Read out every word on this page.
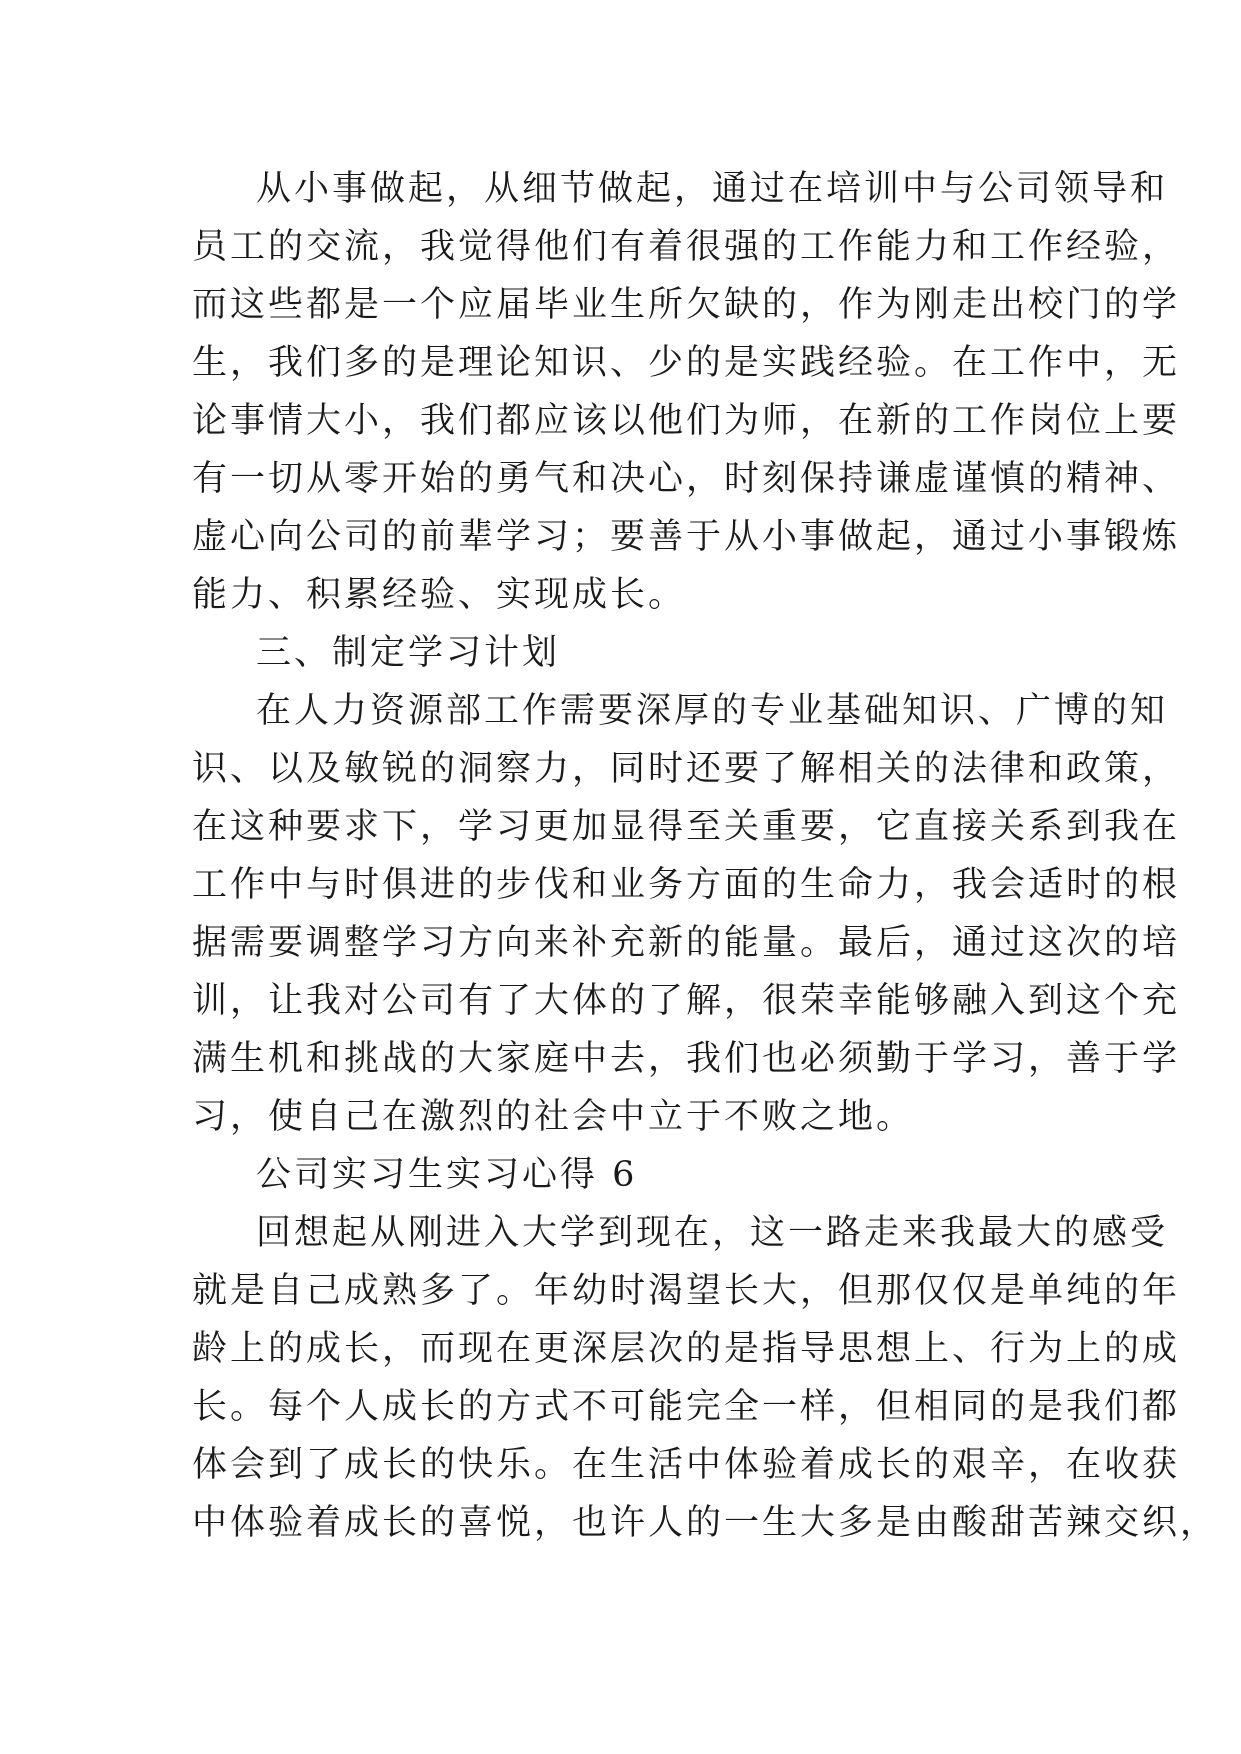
从小事做起，从细节做起，通过在培训中与公司领导和
员工的交流，我觉得他们有着很强的工作能力和工作经验，
而这些都是一个应届毕业生所欠缺的，作为刚走出校门的学
生，我们多的是理论知识、少的是实践经验。在工作中，无
论事情大小，我们都应该以他们为师，在新的工作岗位上要
有一切从零开始的勇气和决心，时刻保持谦虚谨慎的精神、
虚心向公司的前辈学习；要善于从小事做起，通过小事锻炼
能力、积累经验、实现成长。
三、制定学习计划
在人力资源部工作需要深厚的专业基础知识、广博的知
识、以及敏锐的洞察力，同时还要了解相关的法律和政策，
在这种要求下，学习更加显得至关重要，它直接关系到我在
工作中与时俱进的步伐和业务方面的生命力，我会适时的根
据需要调整学习方向来补充新的能量。最后，通过这次的培
训，让我对公司有了大体的了解，很荣幸能够融入到这个充
满生机和挑战的大家庭中去，我们也必须勤于学习，善于学
习，使自己在激烈的社会中立于不败之地。
公司实习生实习心得 6
回想起从刚进入大学到现在，这一路走来我最大的感受
就是自己成熟多了。年幼时渴望长大，但那仅仅是单纯的年
龄上的成长，而现在更深层次的是指导思想上、行为上的成
长。每个人成长的方式不可能完全一样，但相同的是我们都
体会到了成长的快乐。在生活中体验着成长的艰辛，在收获
中体验着成长的喜悦，也许人的一生大多是由酸甜苦辣交织，
